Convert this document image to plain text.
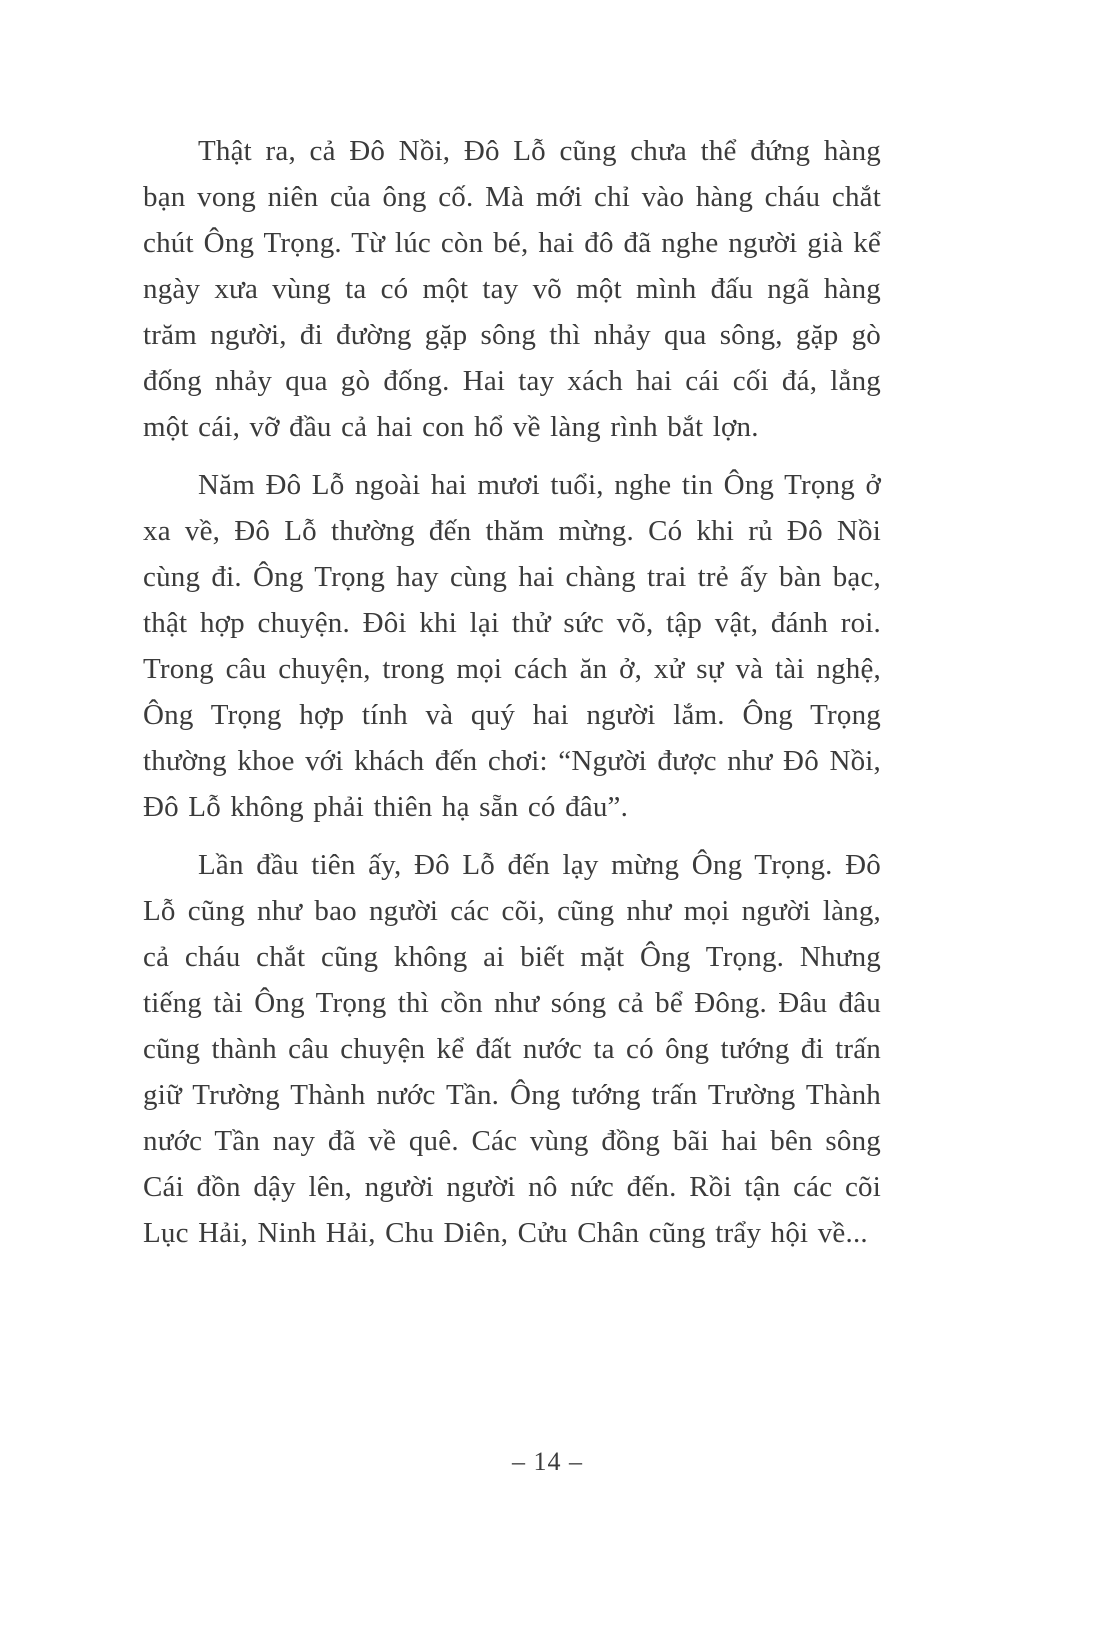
Thật ra, cả Đô Nồi, Đô Lỗ cũng chưa thể đứng hàng bạn vong niên của ông cố. Mà mới chỉ vào hàng cháu chắt chút Ông Trọng. Từ lúc còn bé, hai đô đã nghe người già kể ngày xưa vùng ta có một tay võ một mình đấu ngã hàng trăm người, đi đường gặp sông thì nhảy qua sông, gặp gò đống nhảy qua gò đống. Hai tay xách hai cái cối đá, lẳng một cái, vỡ đầu cả hai con hổ về làng rình bắt lợn.

Năm Đô Lỗ ngoài hai mươi tuổi, nghe tin Ông Trọng ở xa về, Đô Lỗ thường đến thăm mừng. Có khi rủ Đô Nồi cùng đi. Ông Trọng hay cùng hai chàng trai trẻ ấy bàn bạc, thật hợp chuyện. Đôi khi lại thử sức võ, tập vật, đánh roi. Trong câu chuyện, trong mọi cách ăn ở, xử sự và tài nghệ, Ông Trọng hợp tính và quý hai người lắm. Ông Trọng thường khoe với khách đến chơi: “Người được như Đô Nồi, Đô Lỗ không phải thiên hạ sẵn có đâu”.

Lần đầu tiên ấy, Đô Lỗ đến lạy mừng Ông Trọng. Đô Lỗ cũng như bao người các cõi, cũng như mọi người làng, cả cháu chắt cũng không ai biết mặt Ông Trọng. Nhưng tiếng tài Ông Trọng thì cồn như sóng cả bể Đông. Đâu đâu cũng thành câu chuyện kể đất nước ta có ông tướng đi trấn giữ Trường Thành nước Tần. Ông tướng trấn Trường Thành nước Tần nay đã về quê. Các vùng đồng bãi hai bên sông Cái đồn dậy lên, người người nô nức đến. Rồi tận các cõi Lục Hải, Ninh Hải, Chu Diên, Cửu Chân cũng trẩy hội về...

– 14 –
